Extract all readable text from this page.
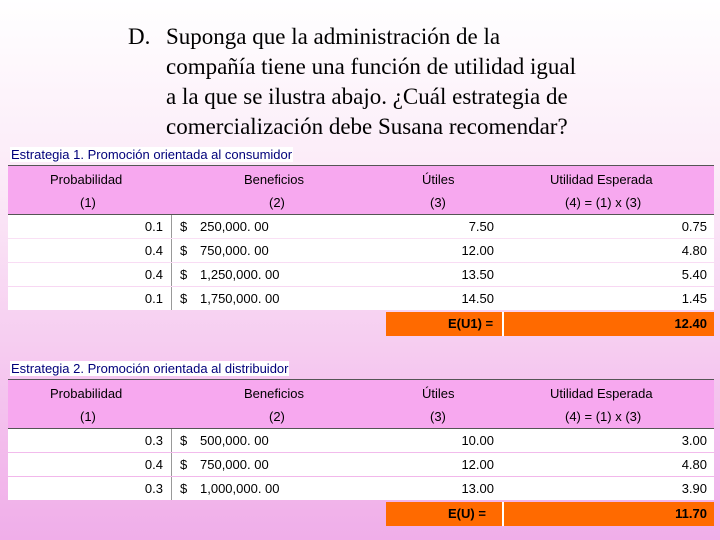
D. Suponga que la administración de la
compañía tiene una función de utilidad igual
a la que se ilustra abajo. ¿Cuál estrategia de
comercialización debe Susana recomendar?
Estrategia 1. Promoción orientada al consumidor
Probabilidad	Beneficios	Útiles	Utilidad Esperada
(1)	(2)	(3)	(4) = (1) x (3)
0.1 $ 250,000. 00	7.50	0.75
0.4 $ 750,000. 00	12.00	4.80
0.4 $ 1,250,000. 00	13.50	5.40
0.1 $ 1,750,000. 00	14.50	1.45
E(U1) =	12.40
Estrategia 2. Promoción orientada al distribuidor
Probabilidad	Beneficios	Útiles	Utilidad Esperada
(1)	(2)	(3)	(4) = (1) x (3)
0.3 $ 500,000. 00	10.00	3.00
0.4 $ 750,000. 00	12.00	4.80
0.3 $ 1,000,000. 00	13.00	3.90
E(U) =	11.70
